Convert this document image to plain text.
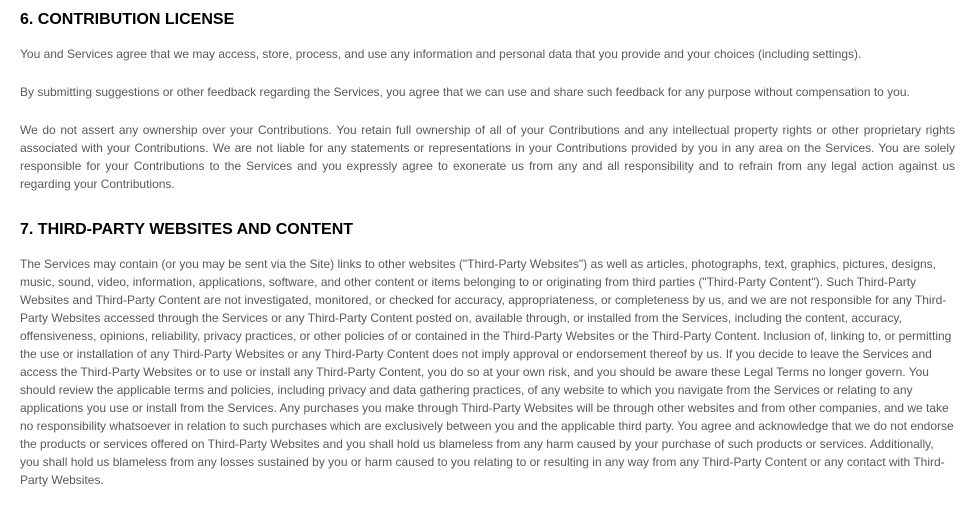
6. CONTRIBUTION LICENSE

You and Services agree that we may access, store, process, and use any information and personal data that you provide and your choices (including settings).

By submitting suggestions or other feedback regarding the Services, you agree that we can use and share such feedback for any purpose without compensation to you.

We do not assert any ownership over your Contributions. You retain full ownership of all of your Contributions and any intellectual property rights or other proprietary rights associated with your Contributions. We are not liable for any statements or representations in your Contributions provided by you in any area on the Services. You are solely responsible for your Contributions to the Services and you expressly agree to exonerate us from any and all responsibility and to refrain from any legal action against us regarding your Contributions.

7. THIRD-PARTY WEBSITES AND CONTENT

The Services may contain (or you may be sent via the Site) links to other websites ("Third-Party Websites") as well as articles, photographs, text, graphics, pictures, designs, music, sound, video, information, applications, software, and other content or items belonging to or originating from third parties ("Third-Party Content"). Such Third-Party Websites and Third-Party Content are not investigated, monitored, or checked for accuracy, appropriateness, or completeness by us, and we are not responsible for any Third-Party Websites accessed through the Services or any Third-Party Content posted on, available through, or installed from the Services, including the content, accuracy, offensiveness, opinions, reliability, privacy practices, or other policies of or contained in the Third-Party Websites or the Third-Party Content. Inclusion of, linking to, or permitting the use or installation of any Third-Party Websites or any Third-Party Content does not imply approval or endorsement thereof by us. If you decide to leave the Services and access the Third-Party Websites or to use or install any Third-Party Content, you do so at your own risk, and you should be aware these Legal Terms no longer govern. You should review the applicable terms and policies, including privacy and data gathering practices, of any website to which you navigate from the Services or relating to any applications you use or install from the Services. Any purchases you make through Third-Party Websites will be through other websites and from other companies, and we take no responsibility whatsoever in relation to such purchases which are exclusively between you and the applicable third party. You agree and acknowledge that we do not endorse the products or services offered on Third-Party Websites and you shall hold us blameless from any harm caused by your purchase of such products or services. Additionally, you shall hold us blameless from any losses sustained by you or harm caused to you relating to or resulting in any way from any Third-Party Content or any contact with Third-Party Websites.
